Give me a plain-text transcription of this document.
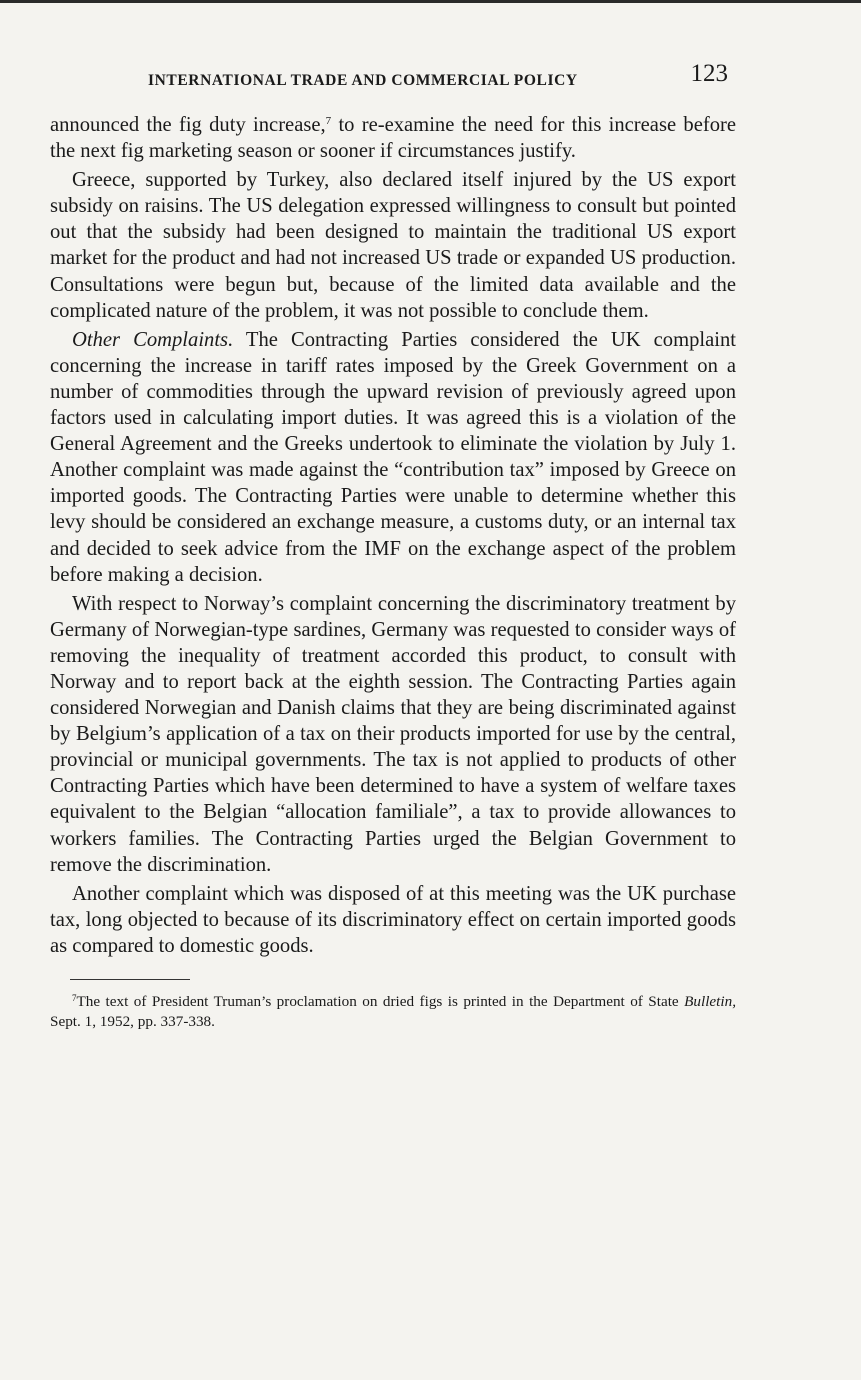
INTERNATIONAL TRADE AND COMMERCIAL POLICY	123

announced the fig duty increase,$^7$ to re-examine the need for this increase before the next fig marketing season or sooner if circumstances justify.

Greece, supported by Turkey, also declared itself injured by the US export subsidy on raisins. The US delegation expressed willingness to consult but pointed out that the subsidy had been designed to maintain the traditional US export market for the product and had not increased US trade or expanded US production. Consultations were begun but, because of the limited data available and the complicated nature of the problem, it was not possible to conclude them.

Other Complaints. The Contracting Parties considered the UK complaint concerning the increase in tariff rates imposed by the Greek Government on a number of commodities through the upward revision of previously agreed upon factors used in calculating import duties. It was agreed this is a violation of the General Agreement and the Greeks undertook to eliminate the violation by July 1. Another complaint was made against the “contribution tax” imposed by Greece on imported goods. The Contracting Parties were unable to determine whether this levy should be considered an exchange measure, a customs duty, or an internal tax and decided to seek advice from the IMF on the exchange aspect of the problem before making a decision.

With respect to Norway’s complaint concerning the discriminatory treatment by Germany of Norwegian-type sardines, Germany was requested to consider ways of removing the inequality of treatment accorded this product, to consult with Norway and to report back at the eighth session. The Contracting Parties again considered Norwegian and Danish claims that they are being discriminated against by Belgium’s application of a tax on their products imported for use by the central, provincial or municipal governments. The tax is not applied to products of other Contracting Parties which have been determined to have a system of welfare taxes equivalent to the Belgian “allocation familiale”, a tax to provide allowances to workers families. The Contracting Parties urged the Belgian Government to remove the discrimination.

Another complaint which was disposed of at this meeting was the UK purchase tax, long objected to because of its discriminatory effect on certain imported goods as compared to domestic goods.

$^7$The text of President Truman’s proclamation on dried figs is printed in the Department of State Bulletin, Sept. 1, 1952, pp. 337-338.
